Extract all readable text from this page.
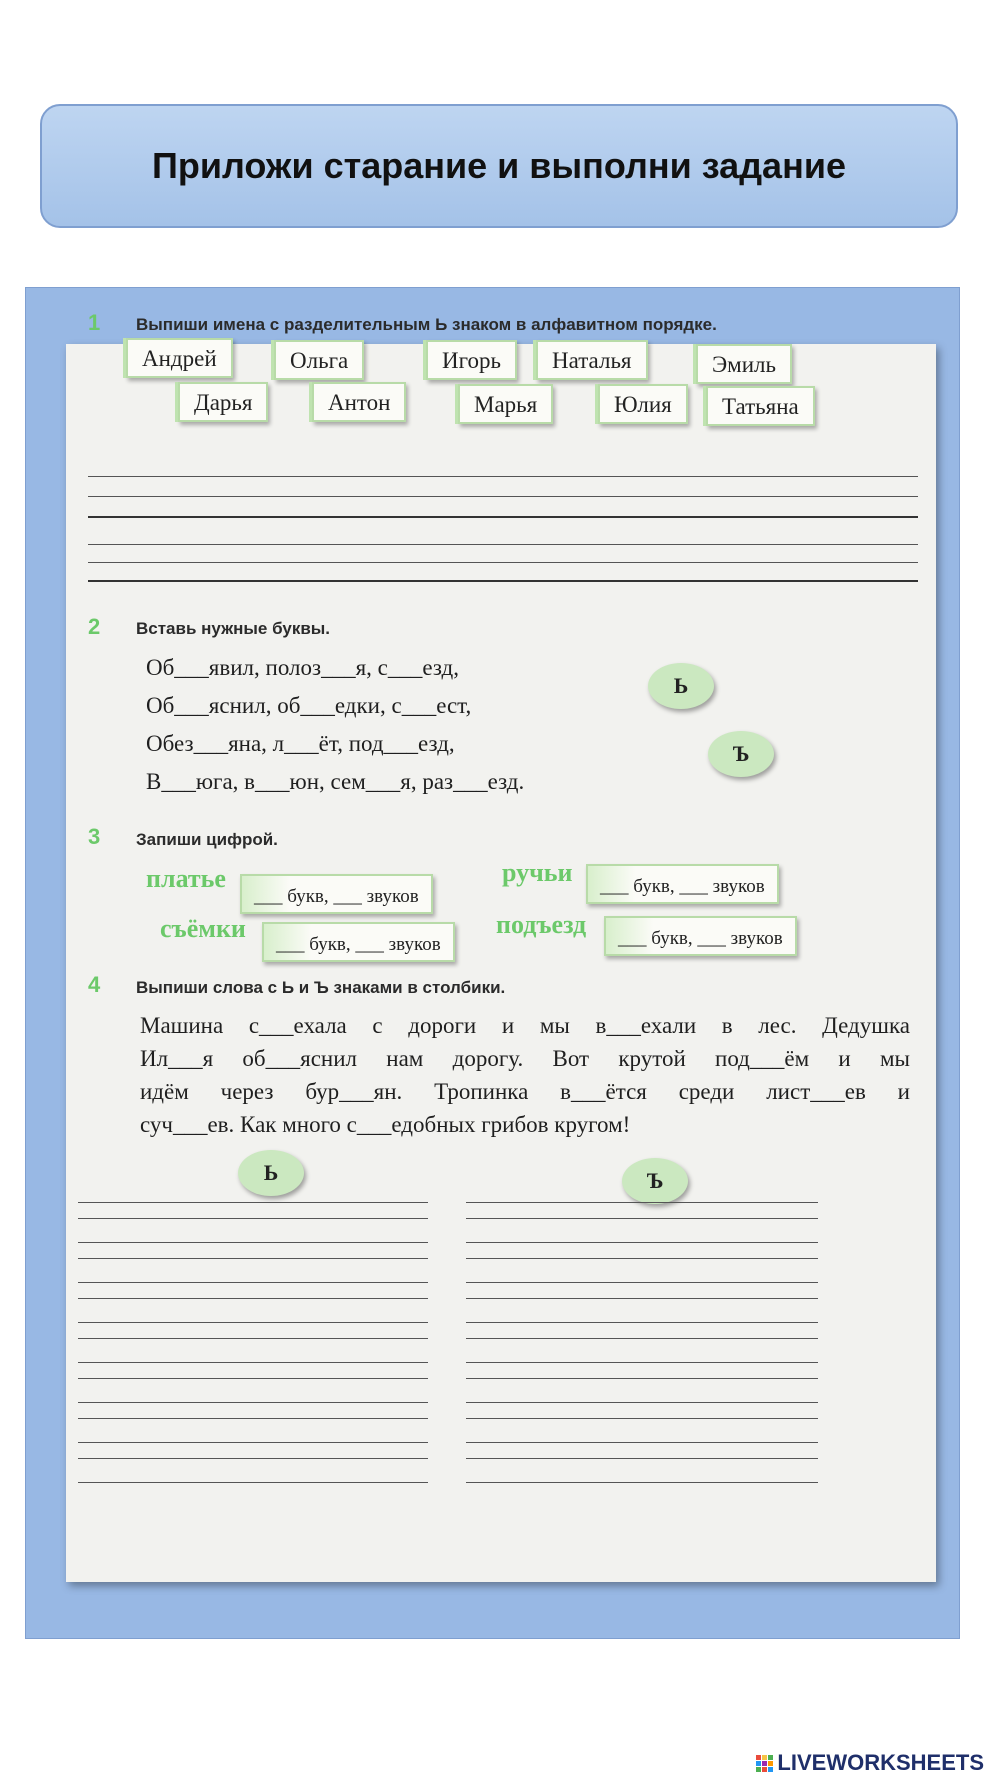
Приложи старание и выполни задание
1 Выпиши имена с разделительным Ь знаком в алфавитном порядке.
Андрей	Ольга	Игорь	Наталья	Эмиль
Дарья	Антон	Марья	Юлия	Татьяна
2 Вставь нужные буквы.
Об___явил, полоз___я, с___езд,
Об___яснил, об___едки, с___ест,
Обез___яна, л___ёт, под___езд,
В___юга, в___юн, сем___я, раз___езд.
Ь
Ъ
3 Запиши цифрой.
платье
___ букв, ___ звуков
ручьи	___ букв, ___ звуков
съёмки
___ букв, ___ звуков
подъезд	___ букв, ___ звуков
4 Выпиши слова с Ь и Ъ знаками в столбики.
Машина с___ехала с дороги и мы в___ехали в лес. Дедушка
Ил___я об___яснил нам дорогу. Вот крутой под___ём и мы
идём через бур___ян. Тропинка в___ётся среди лист___ев и
суч___ев. Как много с___едобных грибов кругом!
Ь	Ъ
LIVEWORKSHEETS
